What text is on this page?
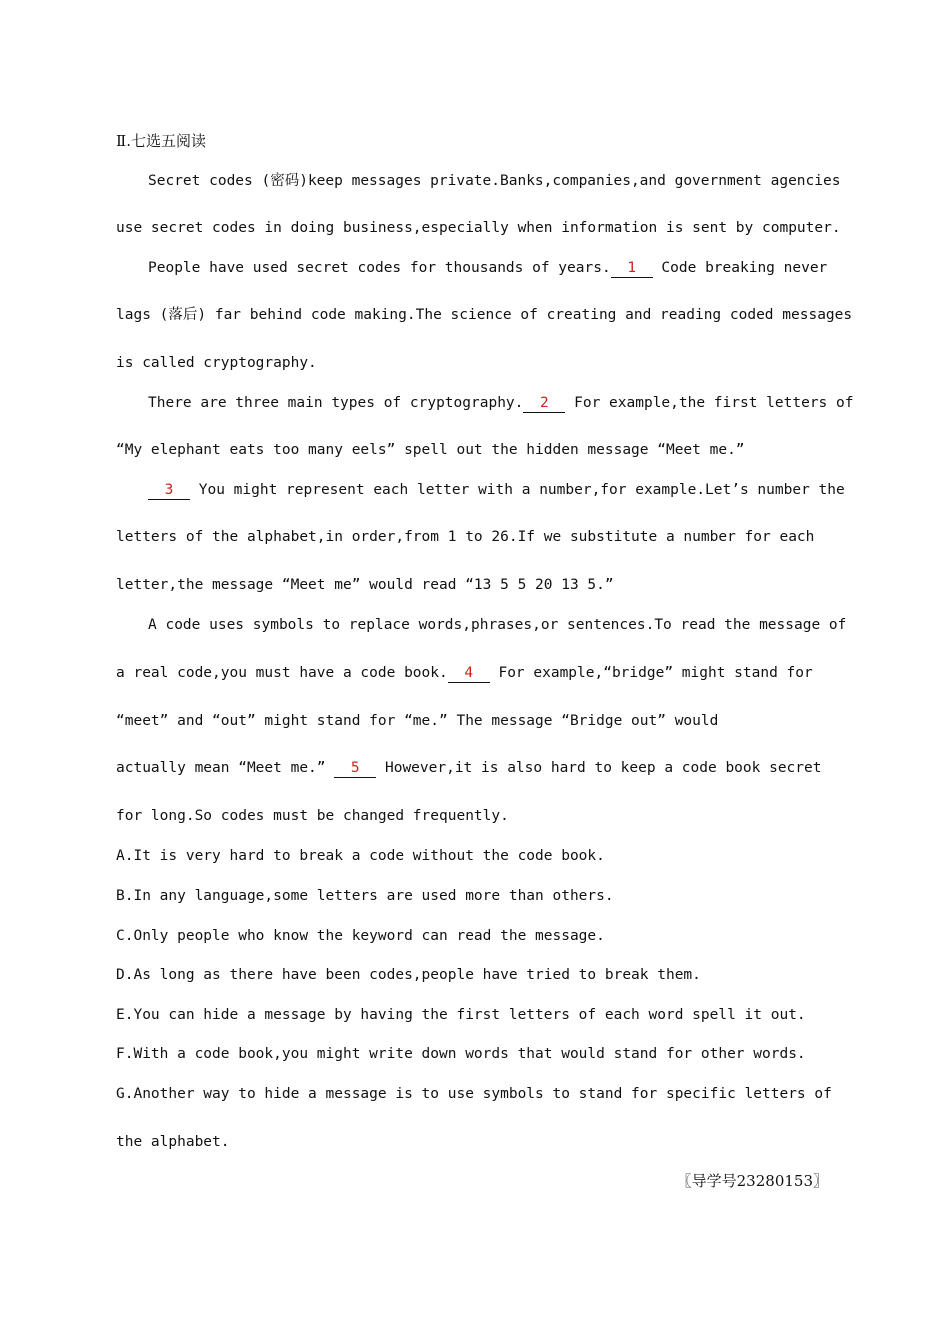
Ⅱ.七选五阅读
Secret codes (密码)keep messages private.Banks,companies,and government agencies
use secret codes in doing business,especially when information is sent by computer.
People have used secret codes for thousands of years. 1 Code breaking never
lags (落后) far behind code making.The science of creating and reading coded messages
is called cryptography.
There are three main types of cryptography. 2 For example,the first letters of
“My elephant eats too many eels” spell out the hidden message “Meet me.”
3 You might represent each letter with a number,for example.Let’s number the
letters of the alphabet,in order,from 1 to 26.If we substitute a number for each
letter,the message “Meet me” would read “13 5 5 20 13 5.”
A code uses symbols to replace words,phrases,or sentences.To read the message of
a real code,you must have a code book. 4 For example,“bridge” might stand for
“meet” and “out” might stand for “me.” The message “Bridge out” would
actually mean “Meet me.” 5 However,it is also hard to keep a code book secret
for long.So codes must be changed frequently.
A.It is very hard to break a code without the code book.
B.In any language,some letters are used more than others.
C.Only people who know the keyword can read the message.
D.As long as there have been codes,people have tried to break them.
E.You can hide a message by having the first letters of each word spell it out.
F.With a code book,you might write down words that would stand for other words.
G.Another way to hide a message is to use symbols to stand for specific letters of
the alphabet.
〖导学号23280153〗
